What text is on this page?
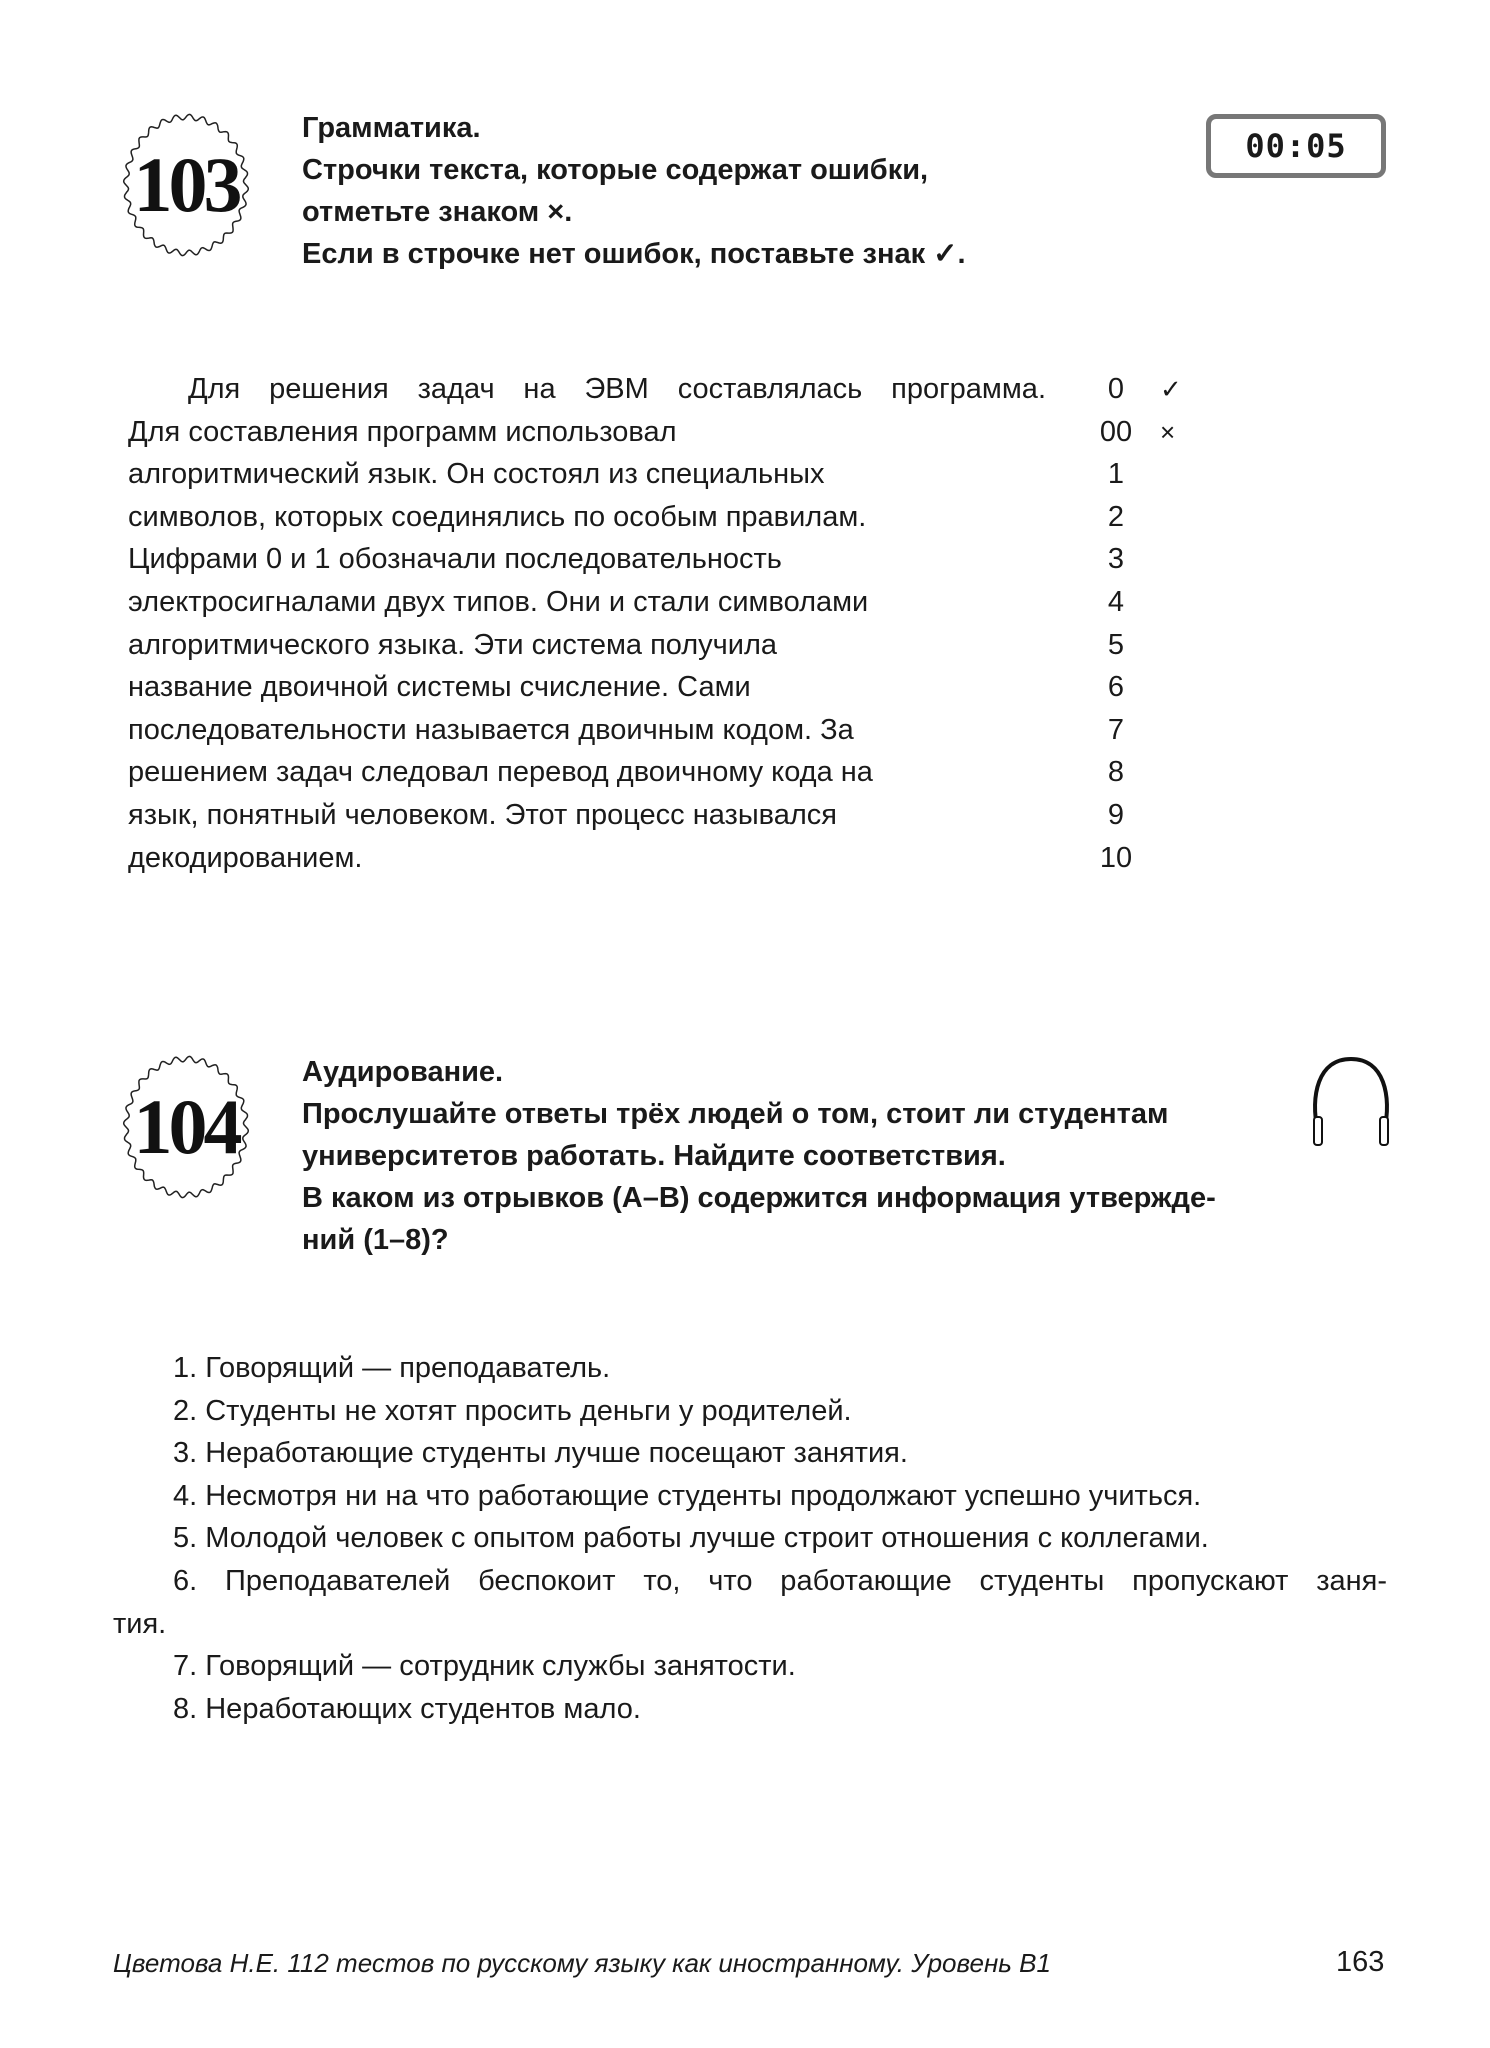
103
Грамматика.
Строчки текста, которые содержат ошибки,
отметьте знаком ×.
Если в строчке нет ошибок, поставьте знак ✓.
00:05
Для решения задач на ЭВМ составлялась программа.	0	✓
Для составления программ использовал	00	×
алгоритмический язык. Он состоял из специальных	1
символов, которых соединялись по особым правилам.	2
Цифрами 0 и 1 обозначали последовательность	3
электросигналами двух типов. Они и стали символами	4
алгоритмического языка. Эти система получила	5
название двоичной системы счисление. Сами	6
последовательности называется двоичным кодом. За	7
решением задач следовал перевод двоичному кода на	8
язык, понятный человеком. Этот процесс назывался	9
декодированием.	10
104
Аудирование.
Прослушайте ответы трёх людей о том, стоит ли студентам
университетов работать. Найдите соответствия.
В каком из отрывков (А–В) содержится информация утвержде-
ний (1–8)?
1. Говорящий — преподаватель.
2. Студенты не хотят просить деньги у родителей.
3. Неработающие студенты лучше посещают занятия.
4. Несмотря ни на что работающие студенты продолжают успешно учиться.
5. Молодой человек с опытом работы лучше строит отношения с коллегами.
6. Преподавателей беспокоит то, что работающие студенты пропускают заня-
тия.
7. Говорящий — сотрудник службы занятости.
8. Неработающих студентов мало.
Цветова Н.Е. 112 тестов по русскому языку как иностранному. Уровень В1	163
